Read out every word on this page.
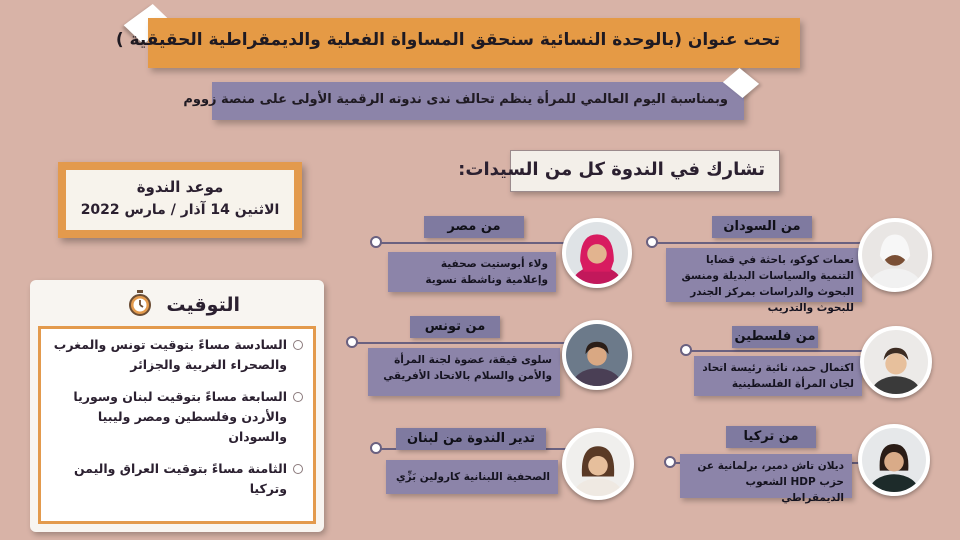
تحت عنوان (بالوحدة النسائية سنحقق المساواة الفعلية والديمقراطية الحقيقية )
وبمناسبة اليوم العالمي للمرأة ينظم تحالف ندى ندوته الرقمية الأولى على منصة زووم
تشارك في الندوة كل من السيدات:
موعد الندوة
الاثنين 14 آذار / مارس 2022
التوقيت
السادسة مساءً بتوقيت تونس والمغرب والصحراء الغربية والجزائر
السابعة مساءً بتوقيت لبنان وسوريا والأردن وفلسطين ومصر وليبيا والسودان
الثامنة مساءً بتوقيت العراق واليمن وتركيا
من السودان
نعمات كوكو، باحثة في قضايا التنمية والسياسات البديلة ومنسق البحوث والدراسات بمركز الجندر للبحوث والتدريب
من مصر
ولاء أبوستيت صحفية وإعلامية وناشطة نسوية
من فلسطين
اكتمال حمد، نائبة رئيسة اتحاد لجان المرأة الفلسطينية
من تونس
سلوى قيقة، عضوة لجنة المرأة والأمن والسلام بالاتحاد الأفريقي
من تركيا
ديلان تاش دمير، برلمانية عن حزب HDP الشعوب الديمقراطي
تدير الندوة من لبنان
الصحفية اللبنانية كارولين بَزِّي
